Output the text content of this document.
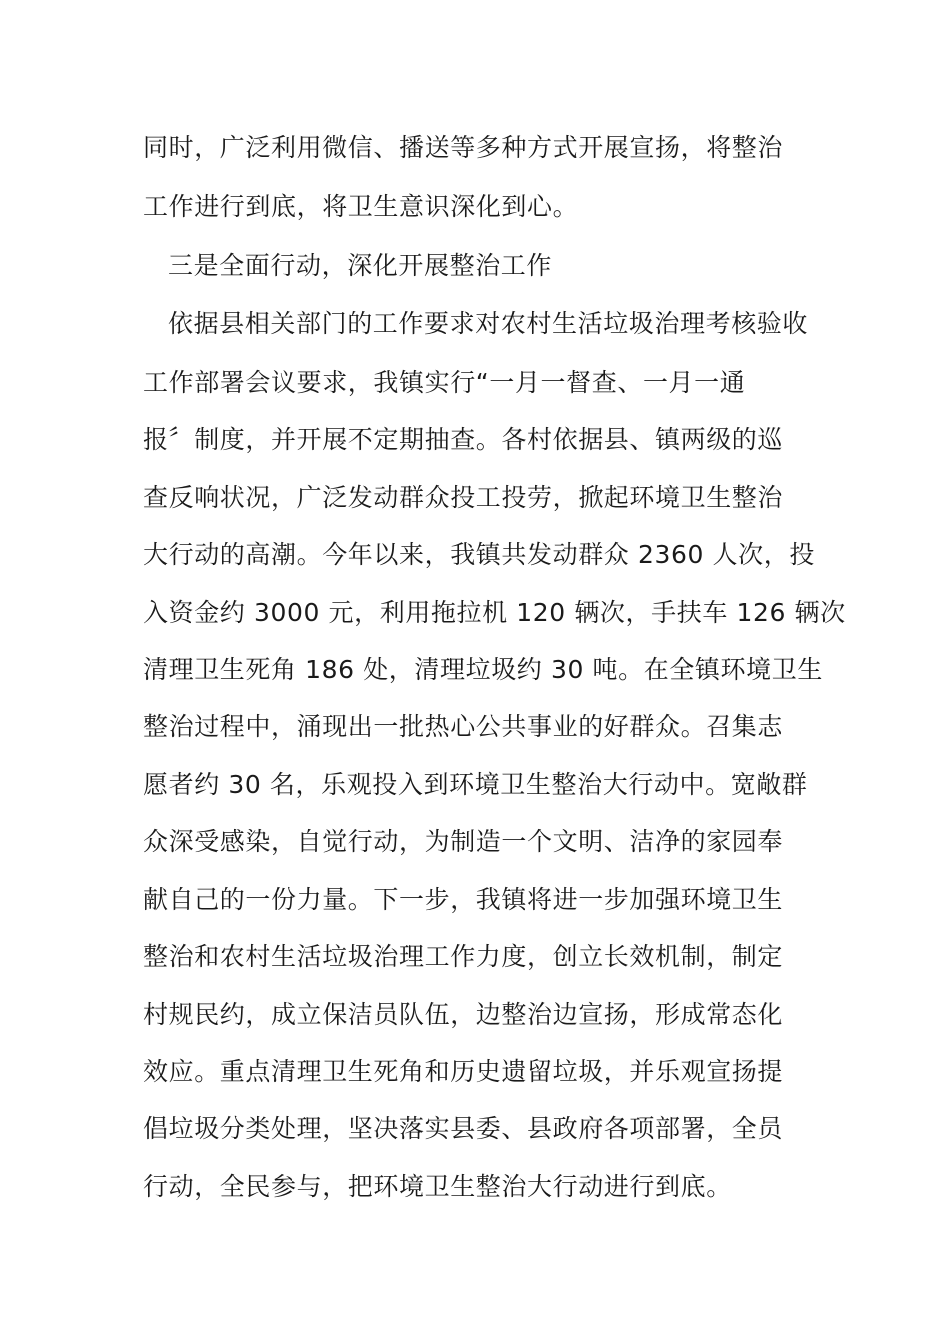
同时，广泛利用微信、播送等多种方式开展宣扬，将整治
工作进行到底，将卫生意识深化到心。
三是全面行动，深化开展整治工作
依据县相关部门的工作要求对农村生活垃圾治理考核验收
工作部署会议要求，我镇实行“一月一督查、一月一通
报〞制度，并开展不定期抽查。各村依据县、镇两级的巡
查反响状况，广泛发动群众投工投劳，掀起环境卫生整治
大行动的高潮。今年以来，我镇共发动群众 2360 人次，投
入资金约 3000 元，利用拖拉机 120 辆次，手扶车 126 辆次
清理卫生死角 186 处，清理垃圾约 30 吨。在全镇环境卫生
整治过程中，涌现出一批热心公共事业的好群众。召集志
愿者约 30 名，乐观投入到环境卫生整治大行动中。宽敞群
众深受感染，自觉行动，为制造一个文明、洁净的家园奉
献自己的一份力量。下一步，我镇将进一步加强环境卫生
整治和农村生活垃圾治理工作力度，创立长效机制，制定
村规民约，成立保洁员队伍，边整治边宣扬，形成常态化
效应。重点清理卫生死角和历史遗留垃圾，并乐观宣扬提
倡垃圾分类处理，坚决落实县委、县政府各项部署，全员
行动，全民参与，把环境卫生整治大行动进行到底。
